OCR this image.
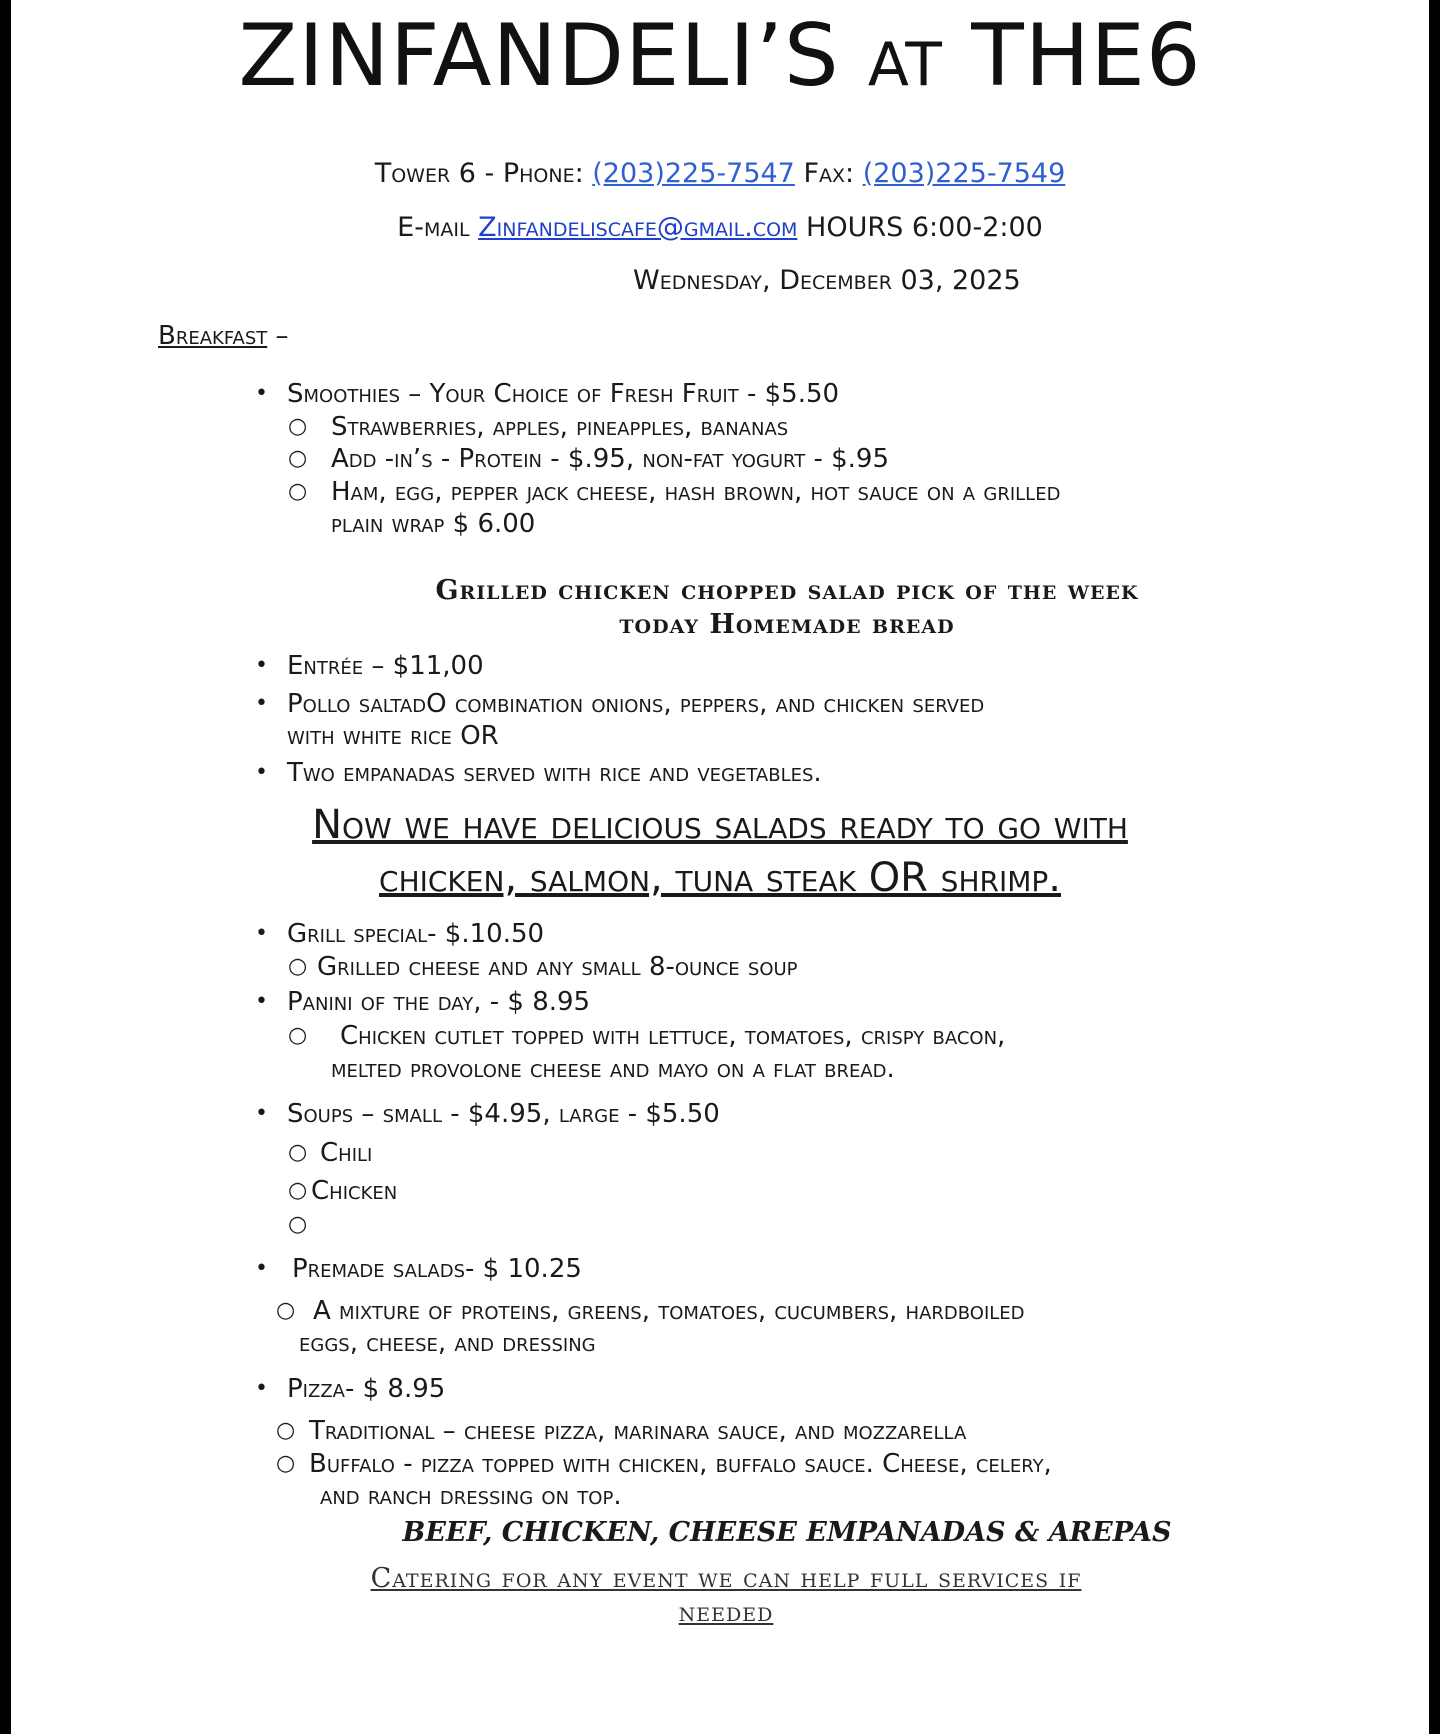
ZINFANDELI’S at THE6
Tower 6 - Phone: (203)225-7547 Fax: (203)225-7549
E-mail Zinfandeliscafe@gmail.com HOURS 6:00-2:00
Wednesday, December 03, 2025
Breakfast –
• Smoothies – Your Choice of Fresh Fruit - $5.50
○ Strawberries, apples, pineapples, bananas
○ Add -in’s - Protein - $.95, non-fat yogurt - $.95
○ Ham, egg, pepper jack cheese, hash brown, hot sauce on a grilled
plain wrap $ 6.00
Grilled chicken chopped salad pick of the week
today Homemade bread
• Entrée – $11,00
• Pollo saltadO combination onions, peppers, and chicken served
with white rice OR
• Two empanadas served with rice and vegetables.
Now we have delicious salads ready to go with
chicken, salmon, tuna steak OR shrimp.
• Grill special- $.10.50
○ Grilled cheese and any small 8-ounce soup
• Panini of the day, - $ 8.95
○ Chicken cutlet topped with lettuce, tomatoes, crispy bacon,
melted provolone cheese and mayo on a flat bread.
• Soups – small - $4.95, large - $5.50
○ Chili
○ Chicken
○
• Premade salads- $ 10.25
○ A mixture of proteins, greens, tomatoes, cucumbers, hardboiled
eggs, cheese, and dressing
• Pizza- $ 8.95
○ Traditional – cheese pizza, marinara sauce, and mozzarella
○ Buffalo - pizza topped with chicken, buffalo sauce. Cheese, celery,
and ranch dressing on top.
BEEF, CHICKEN, CHEESE EMPANADAS & AREPAS
Catering for any event we can help full services if
needed
